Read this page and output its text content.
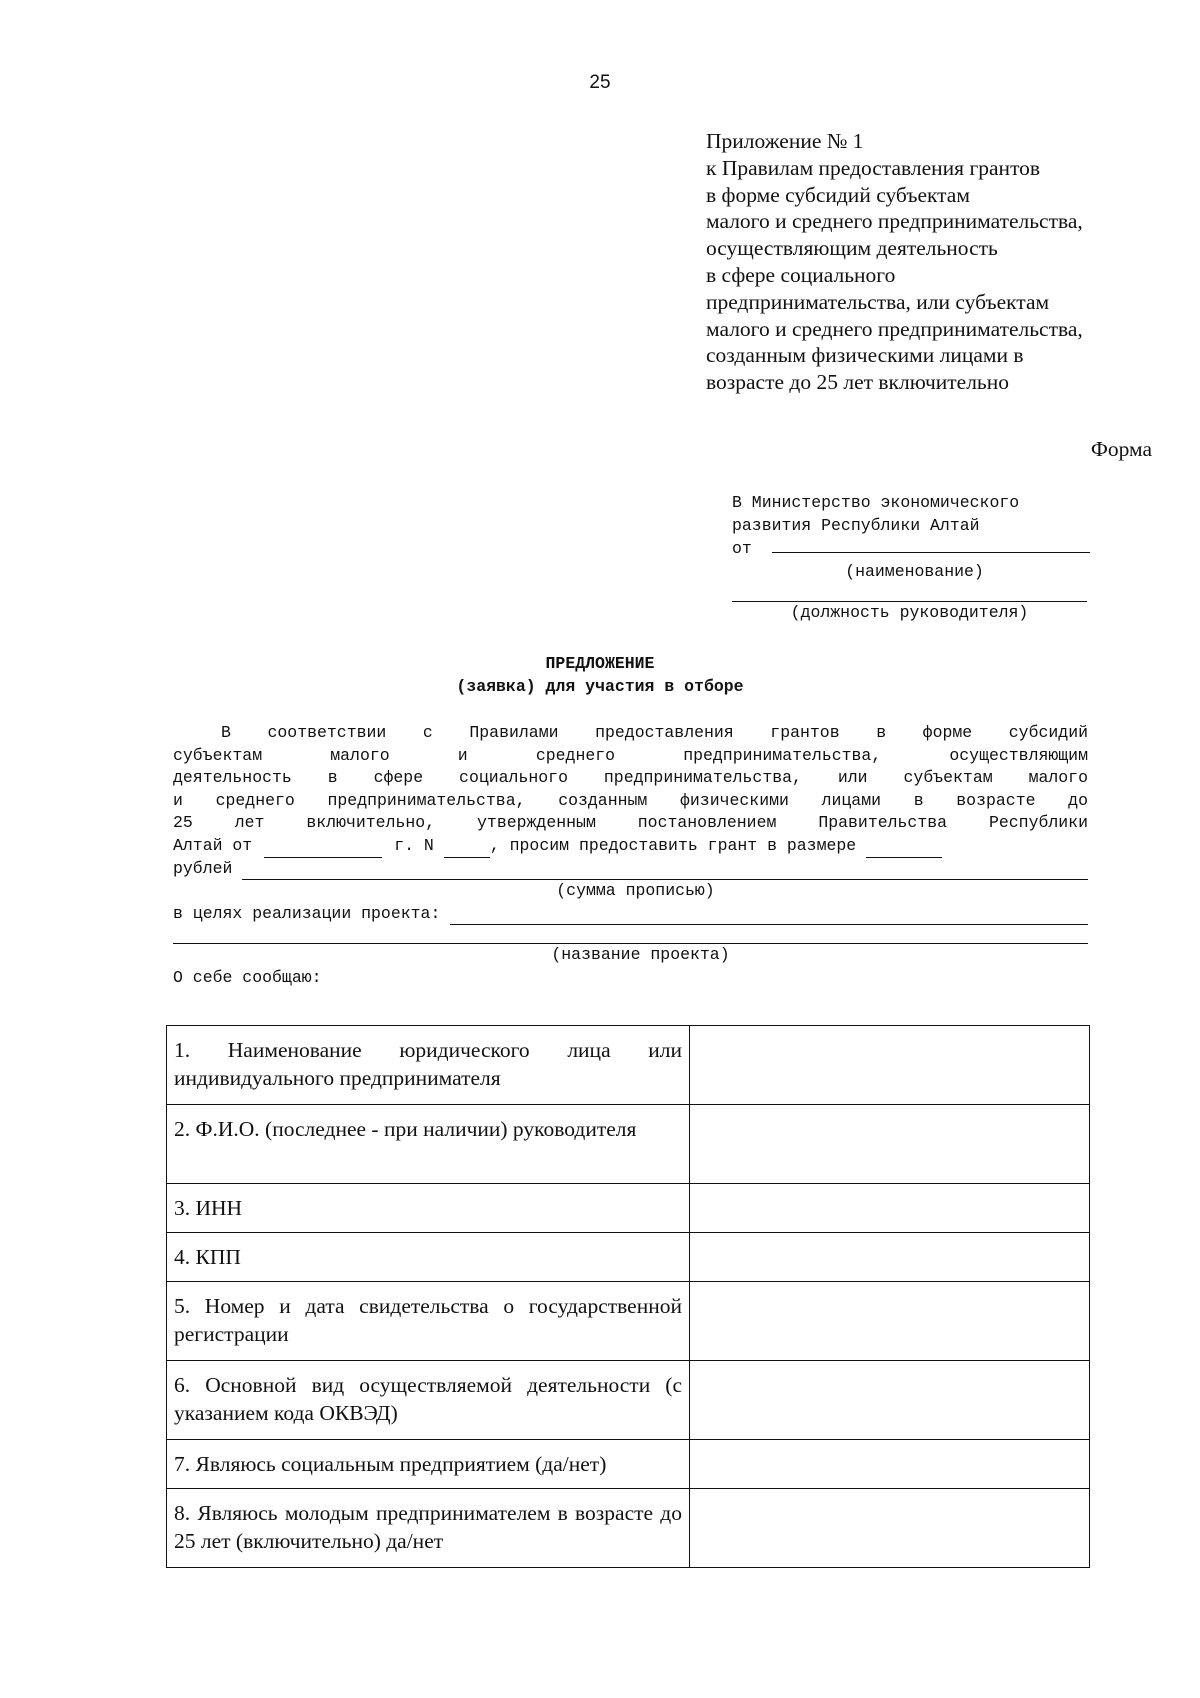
25
Приложение № 1
к Правилам предоставления грантов
в форме субсидий субъектам
малого и среднего предпринимательства,
осуществляющим деятельность
в сфере социального
предпринимательства, или субъектам
малого и среднего предпринимательства,
созданным физическими лицами в
возрасте до 25 лет включительно
Форма
В Министерство экономического
развития Республики Алтай
от
(наименование)
(должность руководителя)
ПРЕДЛОЖЕНИЕ
(заявка) для участия в отборе
В соответствии с Правилами предоставления грантов в форме субсидий
субъектам малого и среднего предпринимательства, осуществляющим
деятельность в сфере социального предпринимательства, или субъектам малого
и среднего предпринимательства, созданным физическими лицами в возрасте до
25 лет включительно, утвержденным постановлением Правительства Республики
Алтай от	г. N	, просим предоставить грант в размере
рублей
(сумма прописью)
в целях реализации проекта:
(название проекта)
О себе сообщаю:
1. Наименование юридического лица или индивидуального предпринимателя	
2. Ф.И.О. (последнее - при наличии) руководителя	
3. ИНН	
4. КПП	
5. Номер и дата свидетельства о государственной регистрации	
6. Основной вид осуществляемой деятельности (с указанием кода ОКВЭД)	
7. Являюсь социальным предприятием (да/нет)	
8. Являюсь молодым предпринимателем в возрасте до 25 лет (включительно) да/нет	
